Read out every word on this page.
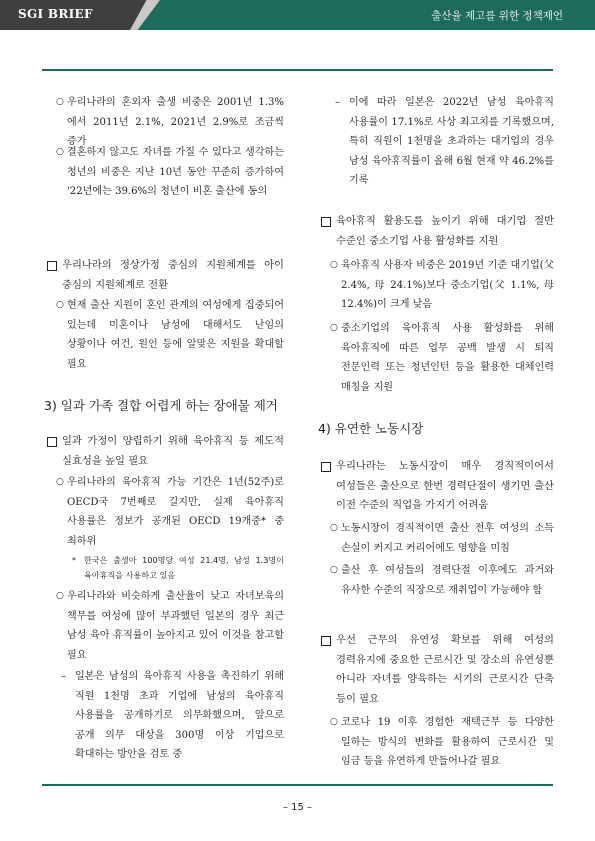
SGI BRIEF	출산율 제고를 위한 정책제언
○ 우리나라의 혼외자 출생 비중은 2001년 1.3%에서 2011년 2.1%, 2021년 2.9%로 조금씩 증가
○ 결혼하지 않고도 자녀를 가질 수 있다고 생각하는 청년의 비중은 지난 10년 동안 꾸준히 증가하여 '22년에는 39.6%의 청년이 비혼 출산에 동의
우리나라의 정상가정 중심의 지원체계를 아이 중심의 지원체계로 전환
○ 현재 출산 지원이 혼인 관계의 여성에게 집중되어 있는데 미혼이나 남성에 대해서도 난임의 상황이나 여건, 원인 등에 알맞은 지원을 확대할 필요
3) 일과 가족 결합 어렵게 하는 장애물 제거
일과 가정이 양립하기 위해 육아휴직 등 제도적 실효성을 높일 필요
○ 우리나라의 육아휴직 가능 기간은 1년(52주)로 OECD국 7번째로 길지만, 실제 육아휴직 사용률은 정보가 공개된 OECD 19개중* 중 최하위
* 한국은 출생아 100명당 여성 21.4명, 남성 1.3명이 육아휴직을 사용하고 있음
○ 우리나라와 비슷하게 출산율이 낮고 자녀보육의 책무를 여성에 많이 부과했던 일본의 경우 최근 남성 육아 휴직률이 높아지고 있어 이것을 참고할 필요
– 일본은 남성의 육아휴직 사용을 촉진하기 위해 직원 1천명 초과 기업에 남성의 육아휴직 사용률을 공개하기로 의무화했으며, 앞으로 공개 의무 대상을 300명 이상 기업으로 확대하는 방안을 검토 중
– 이에 따라 일본은 2022년 남성 육아휴직 사용률이 17.1%로 사상 최고치를 기록했으며, 특히 직원이 1천명을 초과하는 대기업의 경우 남성 육아휴직률이 올해 6월 현재 약 46.2%를 기록
육아휴직 활용도를 높이기 위해 대기업 절반 수준인 중소기업 사용 활성화를 지원
○ 육아휴직 사용자 비중은 2019년 기준 대기업(父 2.4%, 母 24.1%)보다 중소기업(父 1.1%, 母 12.4%)이 크게 낮음
○ 중소기업의 육아휴직 사용 활성화를 위해 육아휴직에 따른 업무 공백 발생 시 퇴직 전문인력 또는 청년인턴 등을 활용한 대체인력 매칭을 지원
4) 유연한 노동시장
우리나라는 노동시장이 매우 경직적이어서 여성들은 출산으로 한번 경력단절이 생기면 출산 이전 수준의 직업을 가지기 어려움
○ 노동시장이 경직적이면 출산 전후 여성의 소득 손실이 커지고 커리어에도 영향을 미침
○ 출산 후 여성들의 경력단절 이후에도 과거와 유사한 수준의 직장으로 재취업이 가능해야 함
우선 근무의 유연성 확보를 위해 여성의 경력유지에 중요한 근로시간 및 장소의 유연성뿐 아니라 자녀를 양육하는 시기의 근로시간 단축 등이 필요
○ 코로나 19 이후 경험한 재택근무 등 다양한 일하는 방식의 변화를 활용하여 근로시간 및 임금 등을 유연하게 만들어나갈 필요
– 15 –
